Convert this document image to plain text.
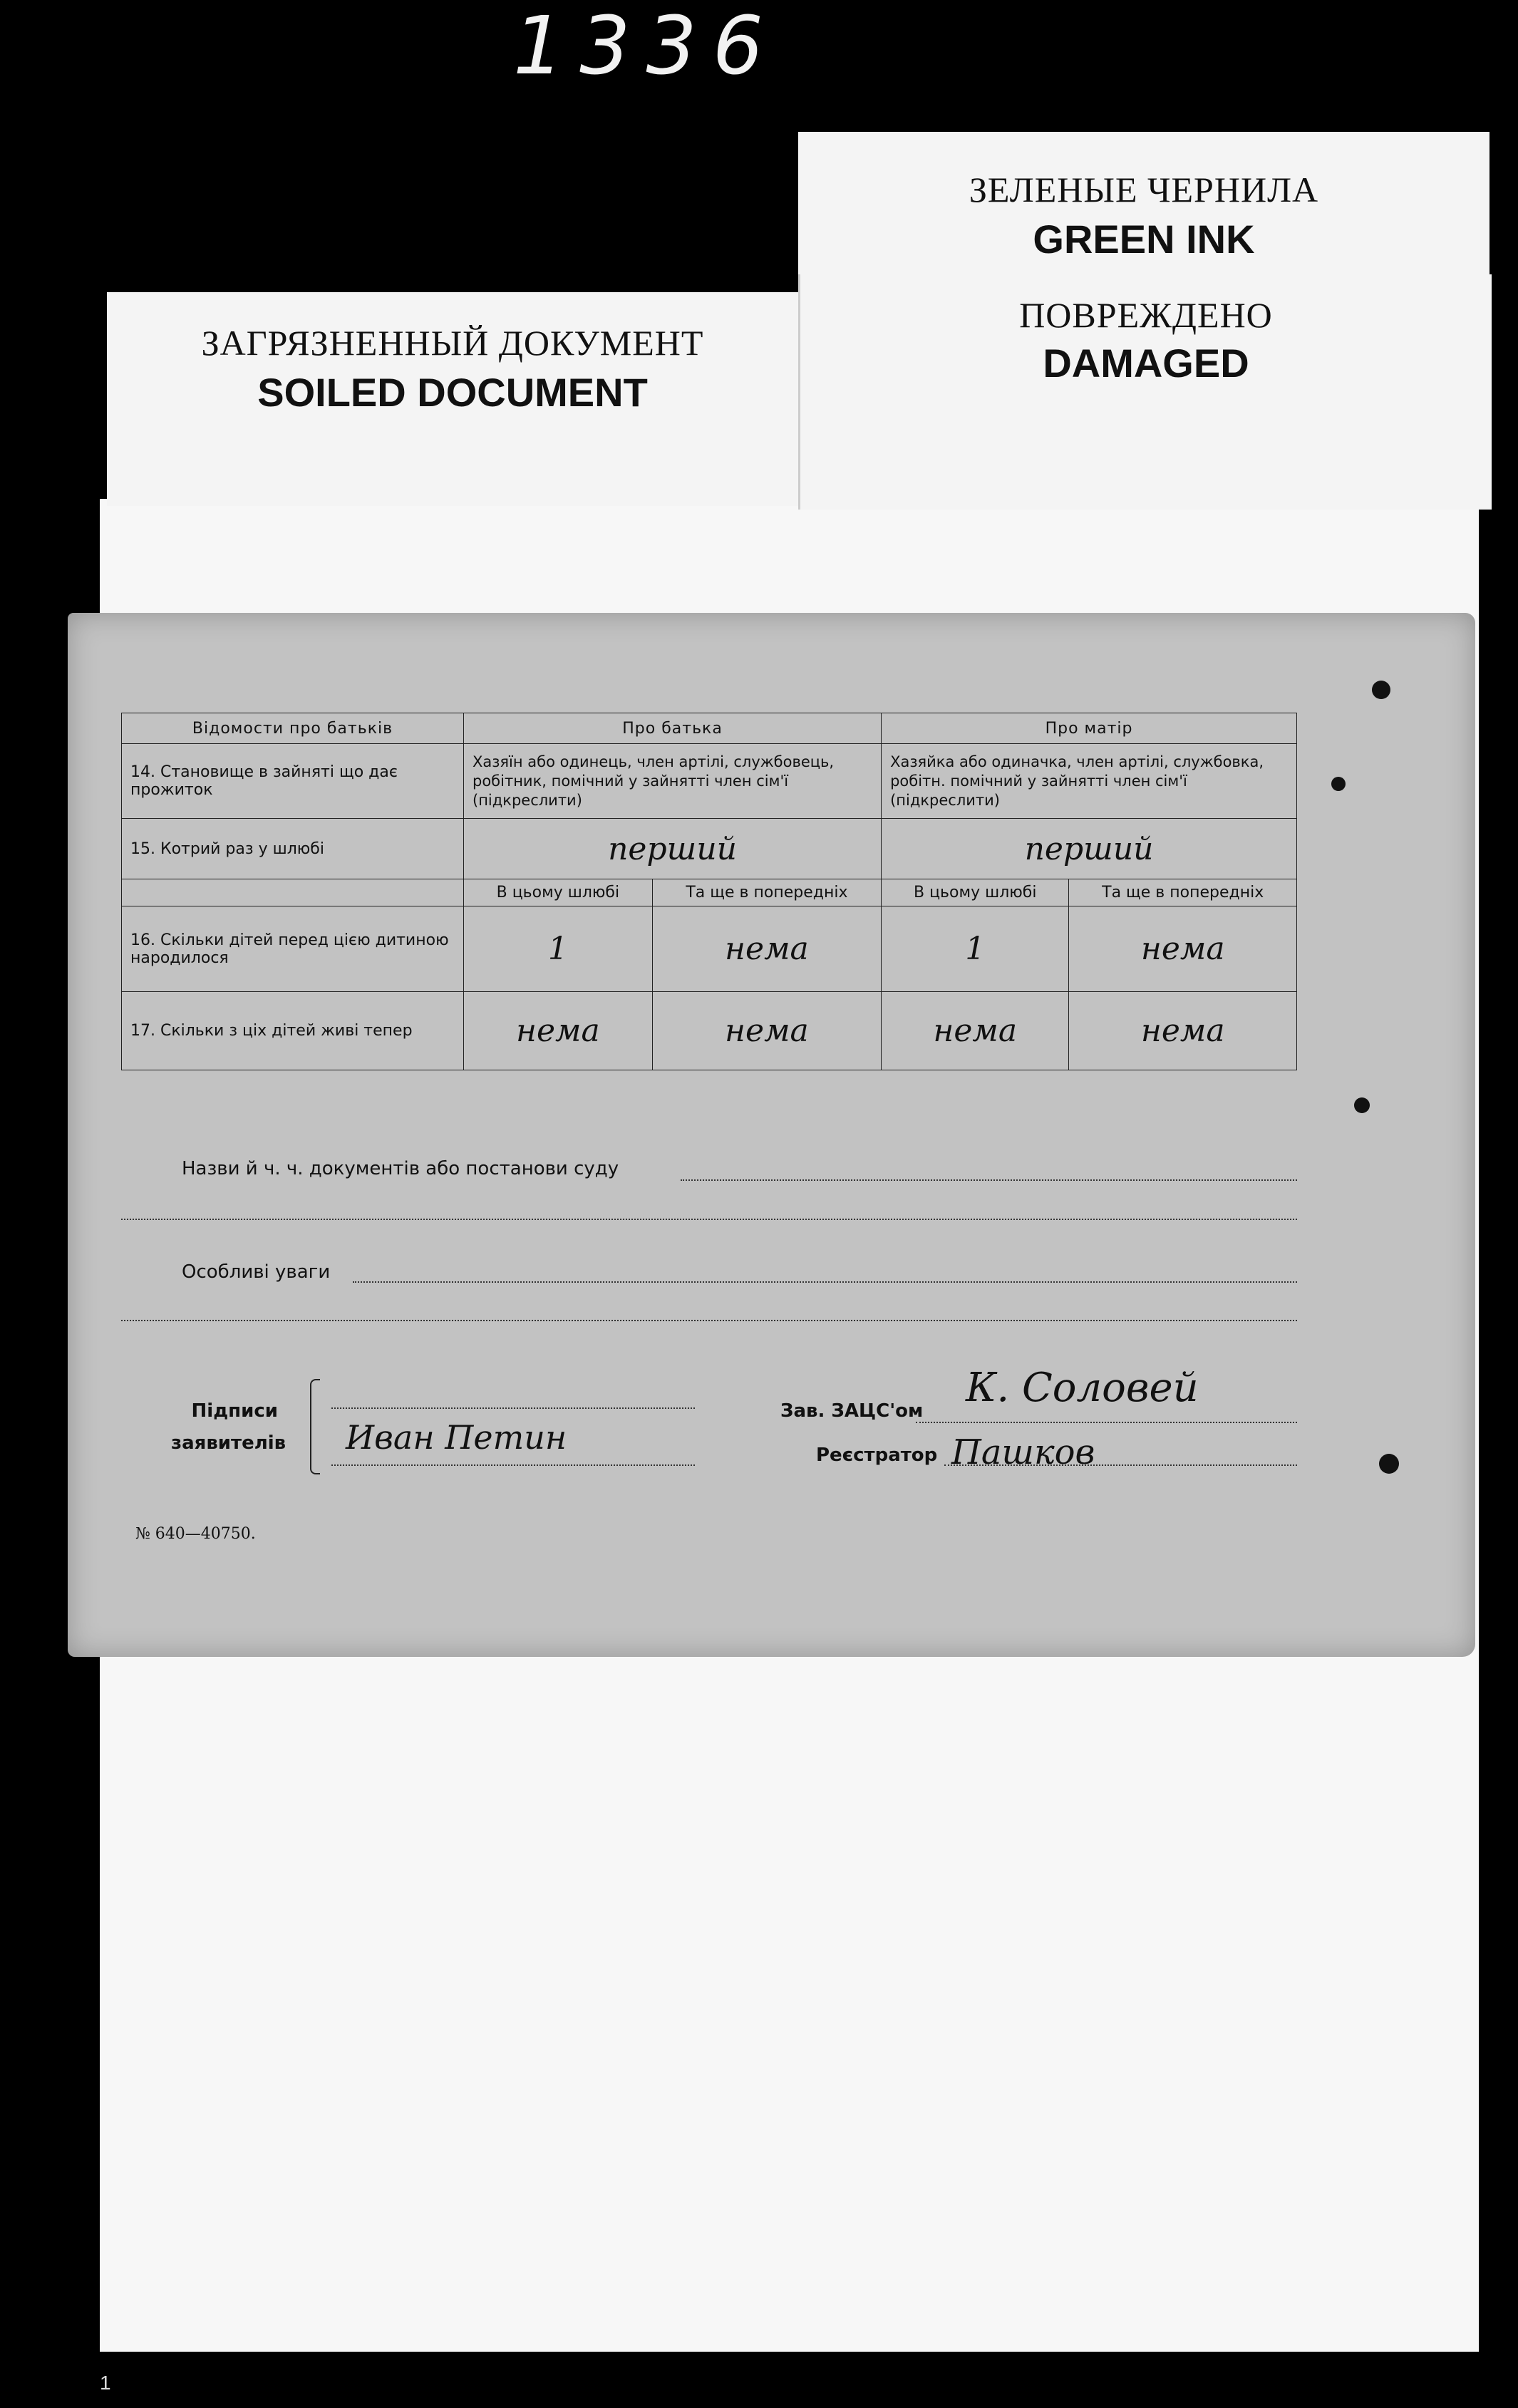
1336
ЗЕЛЕНЫЕ ЧЕРНИЛА
GREEN INK
ЗАГРЯЗНЕННЫЙ ДОКУМЕНТ
SOILED DOCUMENT
ПОВРЕЖДЕНО
DAMAGED
Відомости про батьків	Про батька		Про матір	
14. Становище в зайняті що дає прожиток	Хазяїн або одинець, член артілі, службовець, робітник, помічний у зайнятті член сім'ї (підкреслити)		Хазяйка або одиначка, член артілі, службовка, робітн. помічний у зайнятті член сім'ї (підкреслити)	
15. Котрий раз у шлюбі	перший		перший	
	В цьому шлюбі	Та ще в попередніх	В цьому шлюбі	Та ще в попередніх
16. Скільки дітей перед цією дитиною народилося	1	нема	1	нема
17. Скільки з ціх дітей живі тепер	нема	нема	нема	нема
Назви й ч. ч. документів або постанови суду
Особливі уваги
Підписи
заявителів Иван Петин
Зав. ЗАЦС'ом К. Соловей
Реєстратор Пашков
№ 640—40750.
1
